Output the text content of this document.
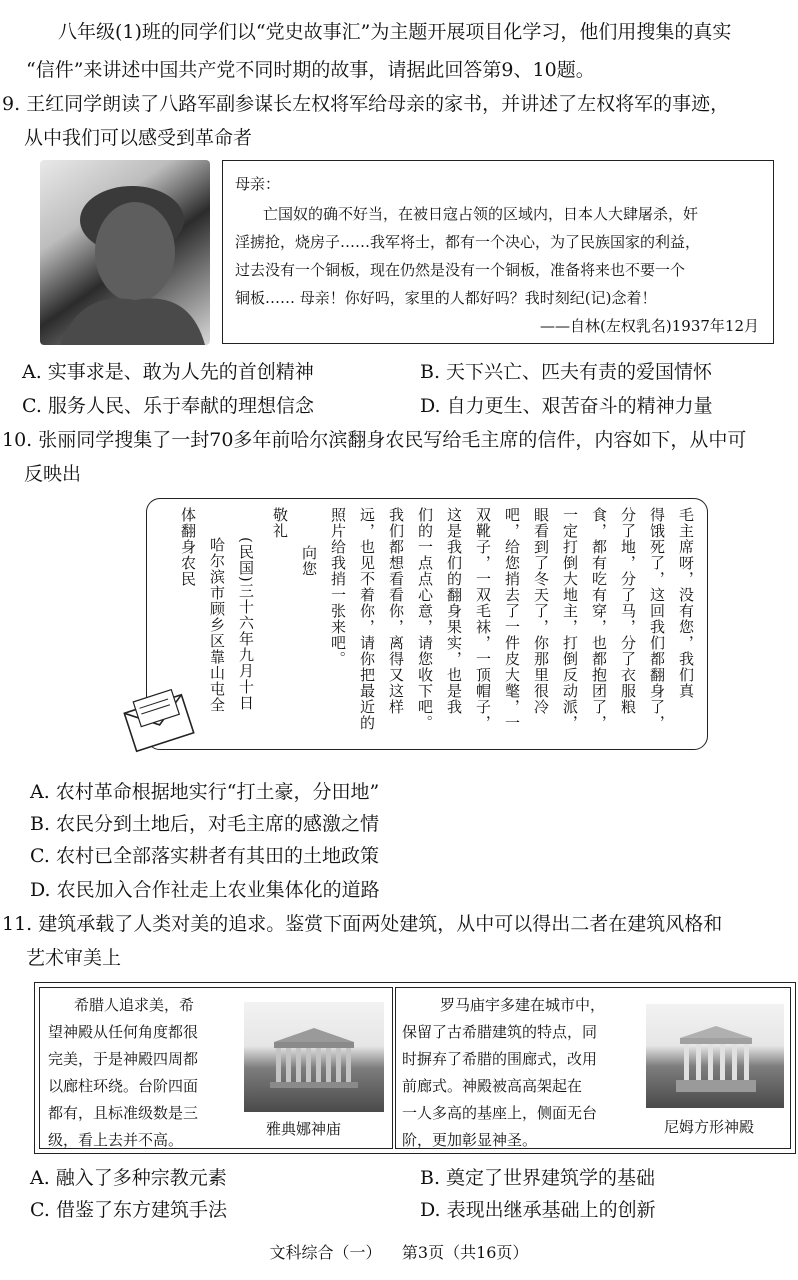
八年级(1)班的同学们以“党史故事汇”为主题开展项目化学习，他们用搜集的真实
“信件”来讲述中国共产党不同时期的故事，请据此回答第9、10题。
9. 王红同学朗读了八路军副参谋长左权将军给母亲的家书，并讲述了左权将军的事迹，
从中我们可以感受到革命者
母亲：
亡国奴的确不好当，在被日寇占领的区域内，日本人大肆屠杀，奸
淫掳抢，烧房子……我军将士，都有一个决心，为了民族国家的利益，
过去没有一个铜板，现在仍然是没有一个铜板，准备将来也不要一个
铜板…… 母亲！你好吗，家里的人都好吗？我时刻纪(记)念着！
——自林(左权乳名)1937年12月
A. 实事求是、敢为人先的首创精神	B. 天下兴亡、匹夫有责的爱国情怀
C. 服务人民、乐于奉献的理想信念	D. 自力更生、艰苦奋斗的精神力量
10. 张丽同学搜集了一封70多年前哈尔滨翻身农民写给毛主席的信件，内容如下，从中可
反映出
毛主席呀，没有您，我们真
得饿死了，这回我们都翻身了，
分了地，分了马，分了衣服粮
食，都有吃有穿，也都抱团了，
一定打倒大地主，打倒反动派，
眼看到了冬天了，你那里很冷
吧，给您捎去了一件皮大氅，一
双靴子，一双毛袜，一顶帽子，
这是我们的翻身果实，也是我
们的一点点心意，请您收下吧。
我们都想看看你，离得又这样
远，也见不着你，请你把最近的
照片给我捎一张来吧。
向您
敬礼
(民国)三十六年九月十日
哈尔滨市顾乡区靠山屯全
体翻身农民
A. 农村革命根据地实行“打土豪，分田地”
B. 农民分到土地后，对毛主席的感激之情
C. 农村已全部落实耕者有其田的土地政策
D. 农民加入合作社走上农业集体化的道路
11. 建筑承载了人类对美的追求。鉴赏下面两处建筑，从中可以得出二者在建筑风格和
艺术审美上
希腊人追求美，希
望神殿从任何角度都很
完美，于是神殿四周都
以廊柱环绕。台阶四面
都有，且标准级数是三
级，看上去并不高。
雅典娜神庙
罗马庙宇多建在城市中，
保留了古希腊建筑的特点，同
时摒弃了希腊的围廊式，改用
前廊式。神殿被高高架起在
一人多高的基座上，侧面无台
阶，更加彰显神圣。
尼姆方形神殿
A. 融入了多种宗教元素	B. 奠定了世界建筑学的基础
C. 借鉴了东方建筑手法	D. 表现出继承基础上的创新
文科综合（一）    第3页（共16页）
